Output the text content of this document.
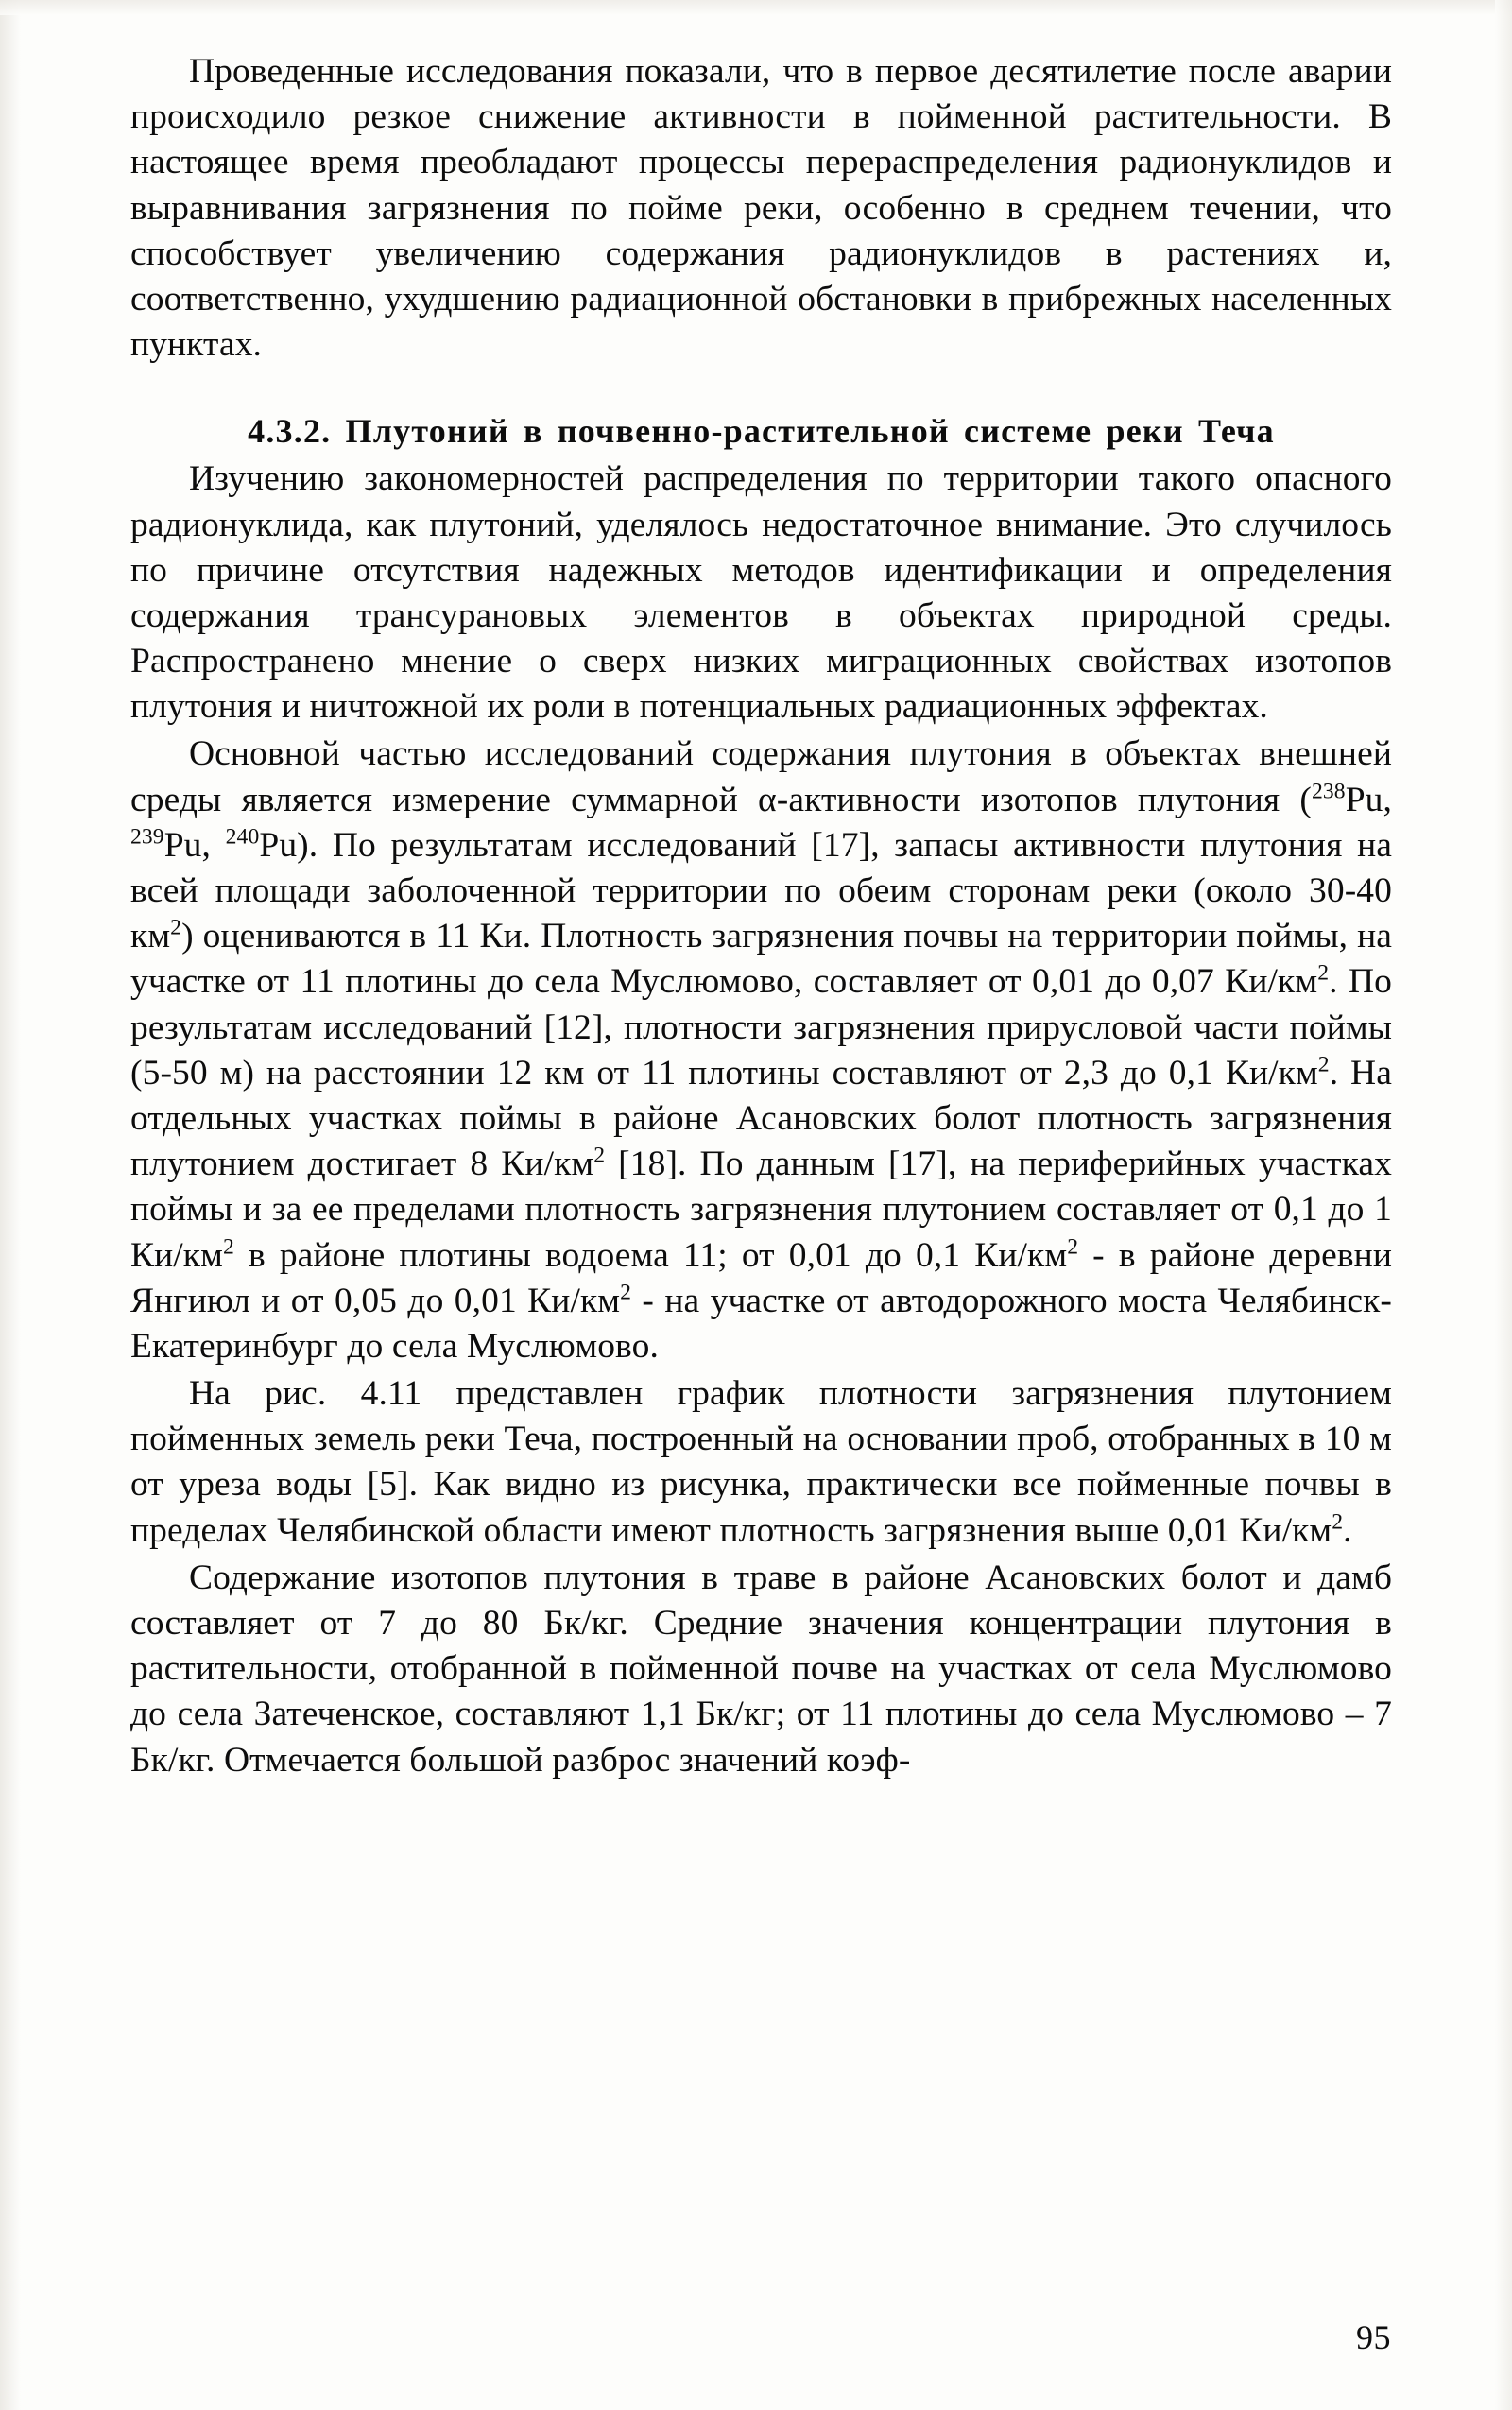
Проведенные исследования показали, что в первое десятилетие после аварии происходило резкое снижение активности в пойменной растительности. В настоящее время преобладают процессы перераспределения радионуклидов и выравнивания загрязнения по пойме реки, особенно в среднем течении, что способствует увеличению содержания радионуклидов в растениях и, соответственно, ухудшению радиационной обстановки в прибрежных населенных пунктах.

4.3.2. Плутоний в почвенно-растительной системе реки Теча

Изучению закономерностей распределения по территории такого опасного радионуклида, как плутоний, уделялось недостаточное внимание. Это случилось по причине отсутствия надежных методов идентификации и определения содержания трансурановых элементов в объектах природной среды. Распространено мнение о сверх низких миграционных свойствах изотопов плутония и ничтожной их роли в потенциальных радиационных эффектах.

Основной частью исследований содержания плутония в объектах внешней среды является измерение суммарной α-активности изотопов плутония ($^{238}$Pu, $^{239}$Pu, $^{240}$Pu). По результатам исследований [17], запасы активности плутония на всей площади заболоченной территории по обеим сторонам реки (около 30-40 $км^2$) оцениваются в 11 Ки. Плотность загрязнения почвы на территории поймы, на участке от 11 плотины до села Муслюмово, составляет от 0,01 до 0,07 $Ки/км^2$. По результатам исследований [12], плотности загрязнения прирусловой части поймы (5-50 м) на расстоянии 12 км от 11 плотины составляют от 2,3 до 0,1 $Ки/км^2$. На отдельных участках поймы в районе Асановских болот плотность загрязнения плутонием достигает 8 $Ки/км^2$ [18]. По данным [17], на периферийных участках поймы и за ее пределами плотность загрязнения плутонием составляет от 0,1 до 1 $Ки/км^2$ в районе плотины водоема 11; от 0,01 до 0,1 $Ки/км^2$ - в районе деревни Янгиюл и от 0,05 до 0,01 $Ки/км^2$ - на участке от автодорожного моста Челябинск-Екатеринбург до села Муслюмово.

На рис. 4.11 представлен график плотности загрязнения плутонием пойменных земель реки Теча, построенный на основании проб, отобранных в 10 м от уреза воды [5]. Как видно из рисунка, практически все пойменные почвы в пределах Челябинской области имеют плотность загрязнения выше 0,01 $Ки/км^2$.

Содержание изотопов плутония в траве в районе Асановских болот и дамб составляет от 7 до 80 Бк/кг. Средние значения концентрации плутония в растительности, отобранной в пойменной почве на участках от села Муслюмово до села Затеченское, составляют 1,1 Бк/кг; от 11 плотины до села Муслюмово – 7 Бк/кг. Отмечается большой разброс значений коэф-

95
